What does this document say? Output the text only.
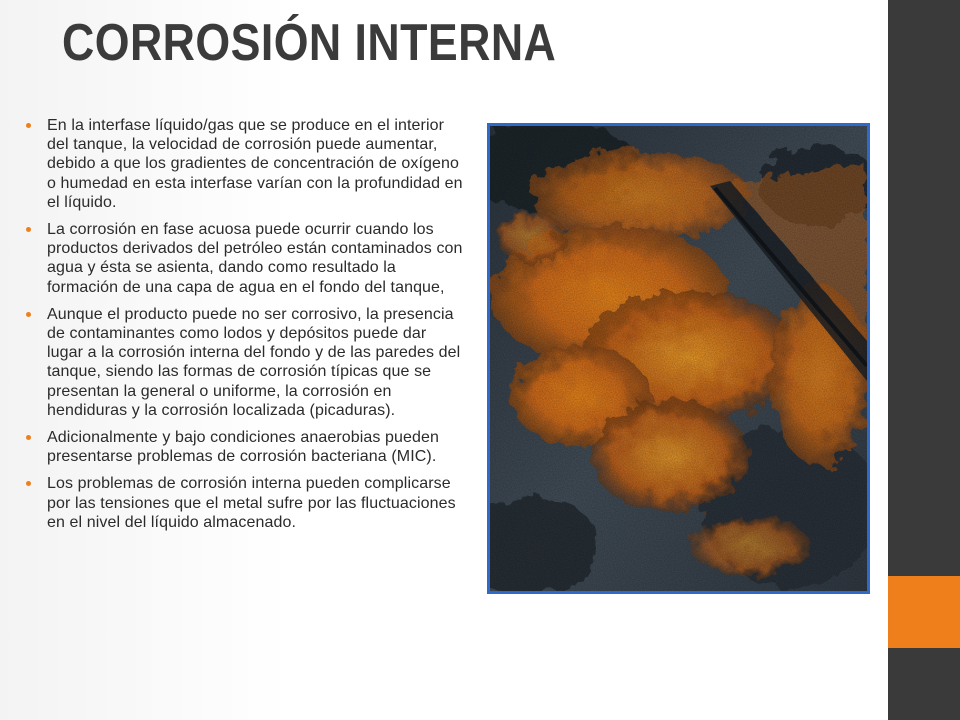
CORROSIÓN INTERNA
En la interfase líquido/gas que se produce en el interior del tanque, la velocidad de corrosión puede aumentar, debido a que los gradientes de concentración de oxígeno o humedad en esta interfase varían con la profundidad en el líquido.
La corrosión en fase acuosa puede ocurrir cuando los productos derivados del petróleo están contaminados con agua y ésta se asienta, dando como resultado la formación de una capa de agua en el fondo del tanque,
Aunque el producto puede no ser corrosivo, la presencia de contaminantes como lodos y depósitos puede dar lugar a la corrosión interna del fondo y de las paredes del tanque, siendo las formas de corrosión típicas que se presentan la general o uniforme, la corrosión en hendiduras y la corrosión localizada (picaduras).
Adicionalmente y bajo condiciones anaerobias pueden presentarse problemas de corrosión bacteriana (MIC).
Los problemas de corrosión interna pueden complicarse por las tensiones que el metal sufre por las fluctuaciones en el nivel del líquido almacenado.
